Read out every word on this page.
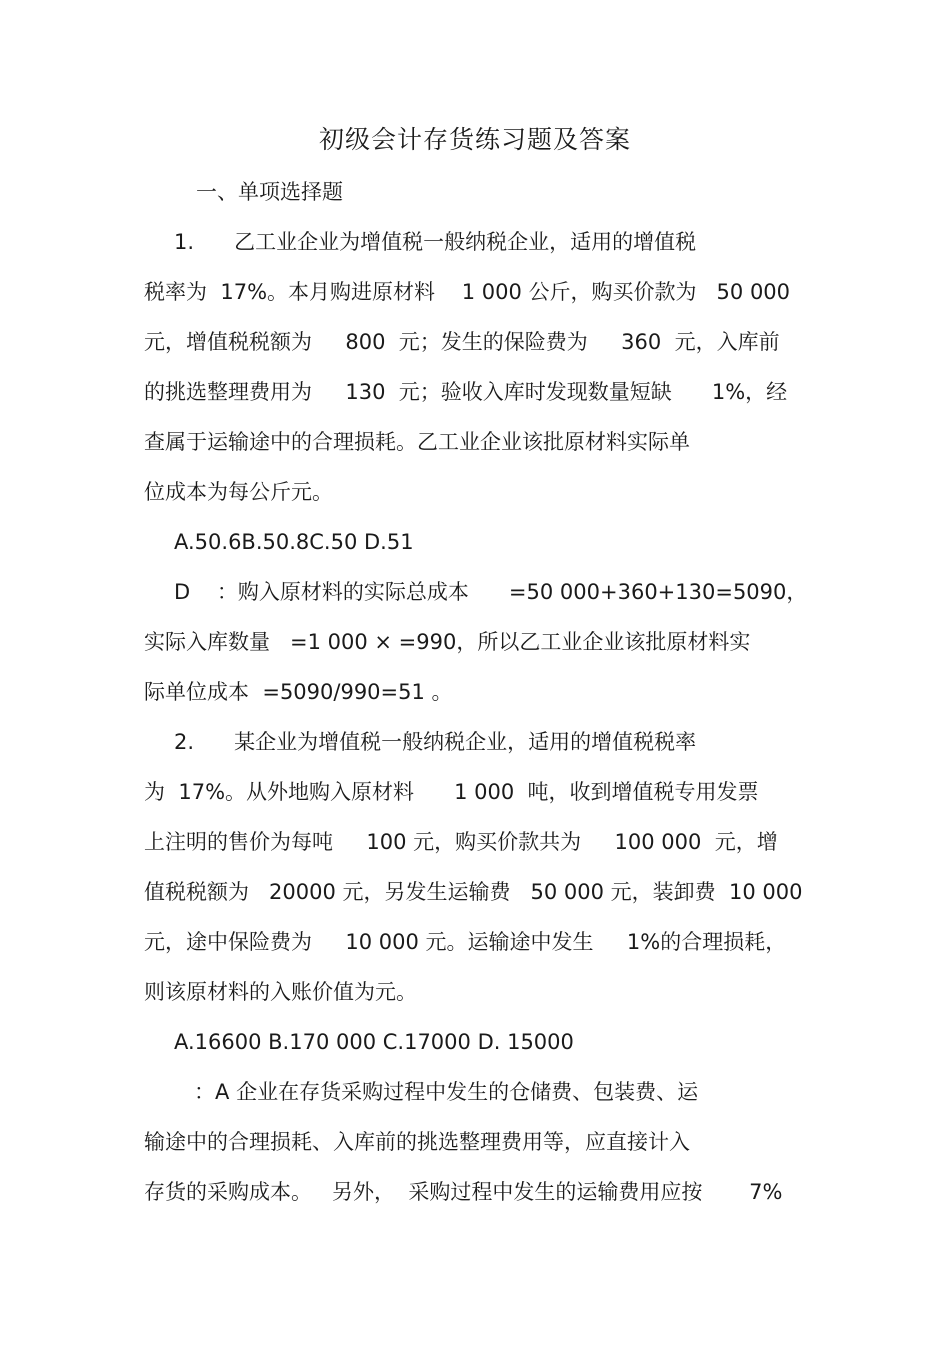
初级会计存货练习题及答案
一、单项选择题
1.      乙工业企业为增值税一般纳税企业，适用的增值税
税率为  17%。本月购进原材料    1 000 公斤，购买价款为   50 000
元，增值税税额为     800  元；发生的保险费为     360  元，入库前
的挑选整理费用为     130  元；验收入库时发现数量短缺      1%，经
查属于运输途中的合理损耗。乙工业企业该批原材料实际单
位成本为每公斤元。
A.50.6B.50.8C.50 D.51
D    ：购入原材料的实际总成本      =50 000+360+130=5090，
实际入库数量   =1 000 × =990，所以乙工业企业该批原材料实
际单位成本  =5090/990=51 。
2.      某企业为增值税一般纳税企业，适用的增值税税率
为  17%。从外地购入原材料      1 000  吨，收到增值税专用发票
上注明的售价为每吨     100 元，购买价款共为     100 000  元，增
值税税额为   20000 元，另发生运输费   50 000 元，装卸费  10 000
元，途中保险费为     10 000 元。运输途中发生     1%的合理损耗，
则该原材料的入账价值为元。
A.16600 B.170 000 C.17000 D. 15000
：A 企业在存货采购过程中发生的仓储费、包装费、运
输途中的合理损耗、入库前的挑选整理费用等，应直接计入
存货的采购成本。   另外，  采购过程中发生的运输费用应按       7%
